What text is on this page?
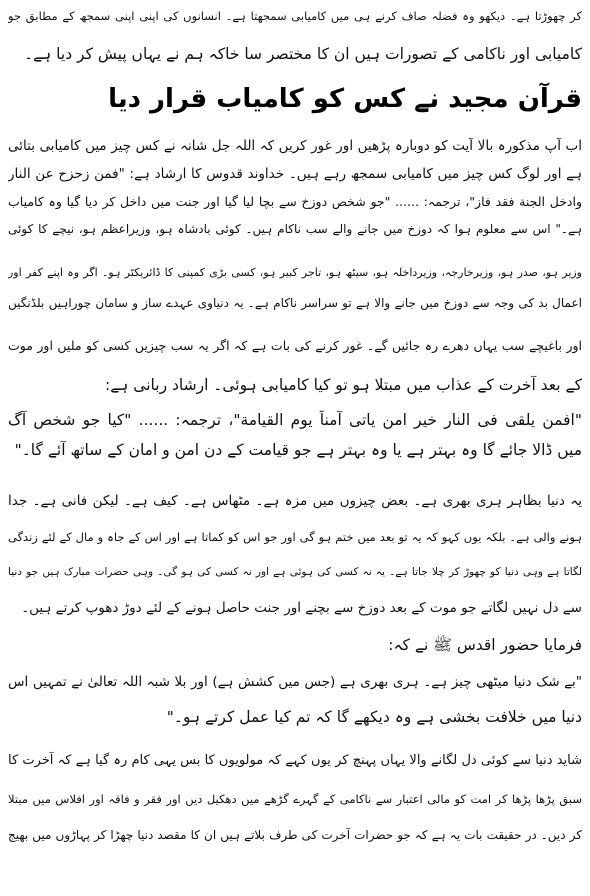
کر چھوڑتا ہے۔ دیکھو وہ فضلہ صاف کرنے ہی میں کامیابی سمجھتا ہے۔ انسانوں کی اپنی اپنی سمجھ کے مطابق جو

کامیابی اور ناکامی کے تصورات ہیں ان کا مختصر سا خاکہ ہم نے یہاں پیش کر دیا ہے۔

قرآن مجید نے کس کو کامیاب قرار دیا

اب آپ مذکورہ بالا آیت کو دوبارہ پڑھیں اور غور کریں کہ اللہ جل شانہ نے کس چیز میں کامیابی بتائی

ہے اور لوگ کس چیز میں کامیابی سمجھ رہے ہیں۔ خداوند قدوس کا ارشاد ہے: "فمن زحزح عن النار

وادخل الجنة فقد فاز"، ترجمہ: ...... "جو شخص دوزخ سے بچا لیا گیا اور جنت میں داخل کر دیا گیا وہ کامیاب

ہے۔" اس سے معلوم ہوا کہ دوزخ میں جانے والے سب ناکام ہیں۔ کوئی بادشاہ ہو، وزیراعظم ہو، نیچے کا کوئی

وزیر ہو، صدر ہو، وزیرخارجہ، وزیرداخلہ ہو، سیٹھ ہو، تاجر کبیر ہو، کسی بڑی کمپنی کا ڈائریکٹر ہو۔ اگر وہ اپنے کفر اور

اعمال بد کی وجہ سے دوزخ میں جانے والا ہے تو سراسر ناکام ہے۔ یہ دنیاوی عہدے ساز و سامان چوراہیں بلڈنگیں

اور باغیچے سب یہاں دھرے رہ جائیں گے۔ غور کرنے کی بات ہے کہ اگر یہ سب چیزیں کسی کو ملیں اور موت

کے بعد آخرت کے عذاب میں مبتلا ہو تو کیا کامیابی ہوئی۔ ارشاد ربانی ہے:

"افمن یلقی فی النار خیر امن یاتی آمناً یوم القیامة"، ترجمہ: ...... "کیا جو شخص آگ

میں ڈالا جائے گا وہ بہتر ہے یا وہ بہتر ہے جو قیامت کے دن امن و امان کے ساتھ آئے گا۔"

یہ دنیا بظاہر ہری بھری ہے۔ بعض چیزوں میں مزہ ہے۔ مٹھاس ہے۔ کیف ہے۔ لیکن فانی ہے۔ جدا

ہونے والی ہے۔ بلکہ یوں کہو کہ یہ تو بعد میں ختم ہو گی اور جو اس کو کماتا ہے اور اس کے جاہ و مال کے لئے زندگی

لگاتا ہے وہی دنیا کو چھوڑ کر چلا جاتا ہے۔ یہ نہ کسی کی ہوئی ہے اور نہ کسی کی ہو گی۔ وہی حضرات مبارک ہیں جو دنیا

سے دل نہیں لگاتے جو موت کے بعد دوزخ سے بچنے اور جنت حاصل ہونے کے لئے دوڑ دھوپ کرتے ہیں۔

فرمایا حضور اقدس ﷺ نے کہ:

"بے شک دنیا میٹھی چیز ہے۔ ہری بھری ہے (جس میں کشش ہے) اور بلا شبہ اللہ تعالیٰ نے تمہیں اس

دنیا میں خلافت بخشی ہے وہ دیکھے گا کہ تم کیا عمل کرتے ہو۔"

شاید دنیا سے کوئی دل لگانے والا یہاں پہنچ کر یوں کہے کہ مولویوں کا بس یہی کام رہ گیا ہے کہ آخرت کا

سبق پڑھا پڑھا کر امت کو مالی اعتبار سے ناکامی کے گہرے گڑھے میں دھکیل دیں اور فقر و فاقہ اور افلاس میں مبتلا

کر دیں۔ در حقیقت بات یہ ہے کہ جو حضرات آخرت کی طرف بلاتے ہیں ان کا مقصد دنیا چھڑا کر پہاڑوں میں بھیج
